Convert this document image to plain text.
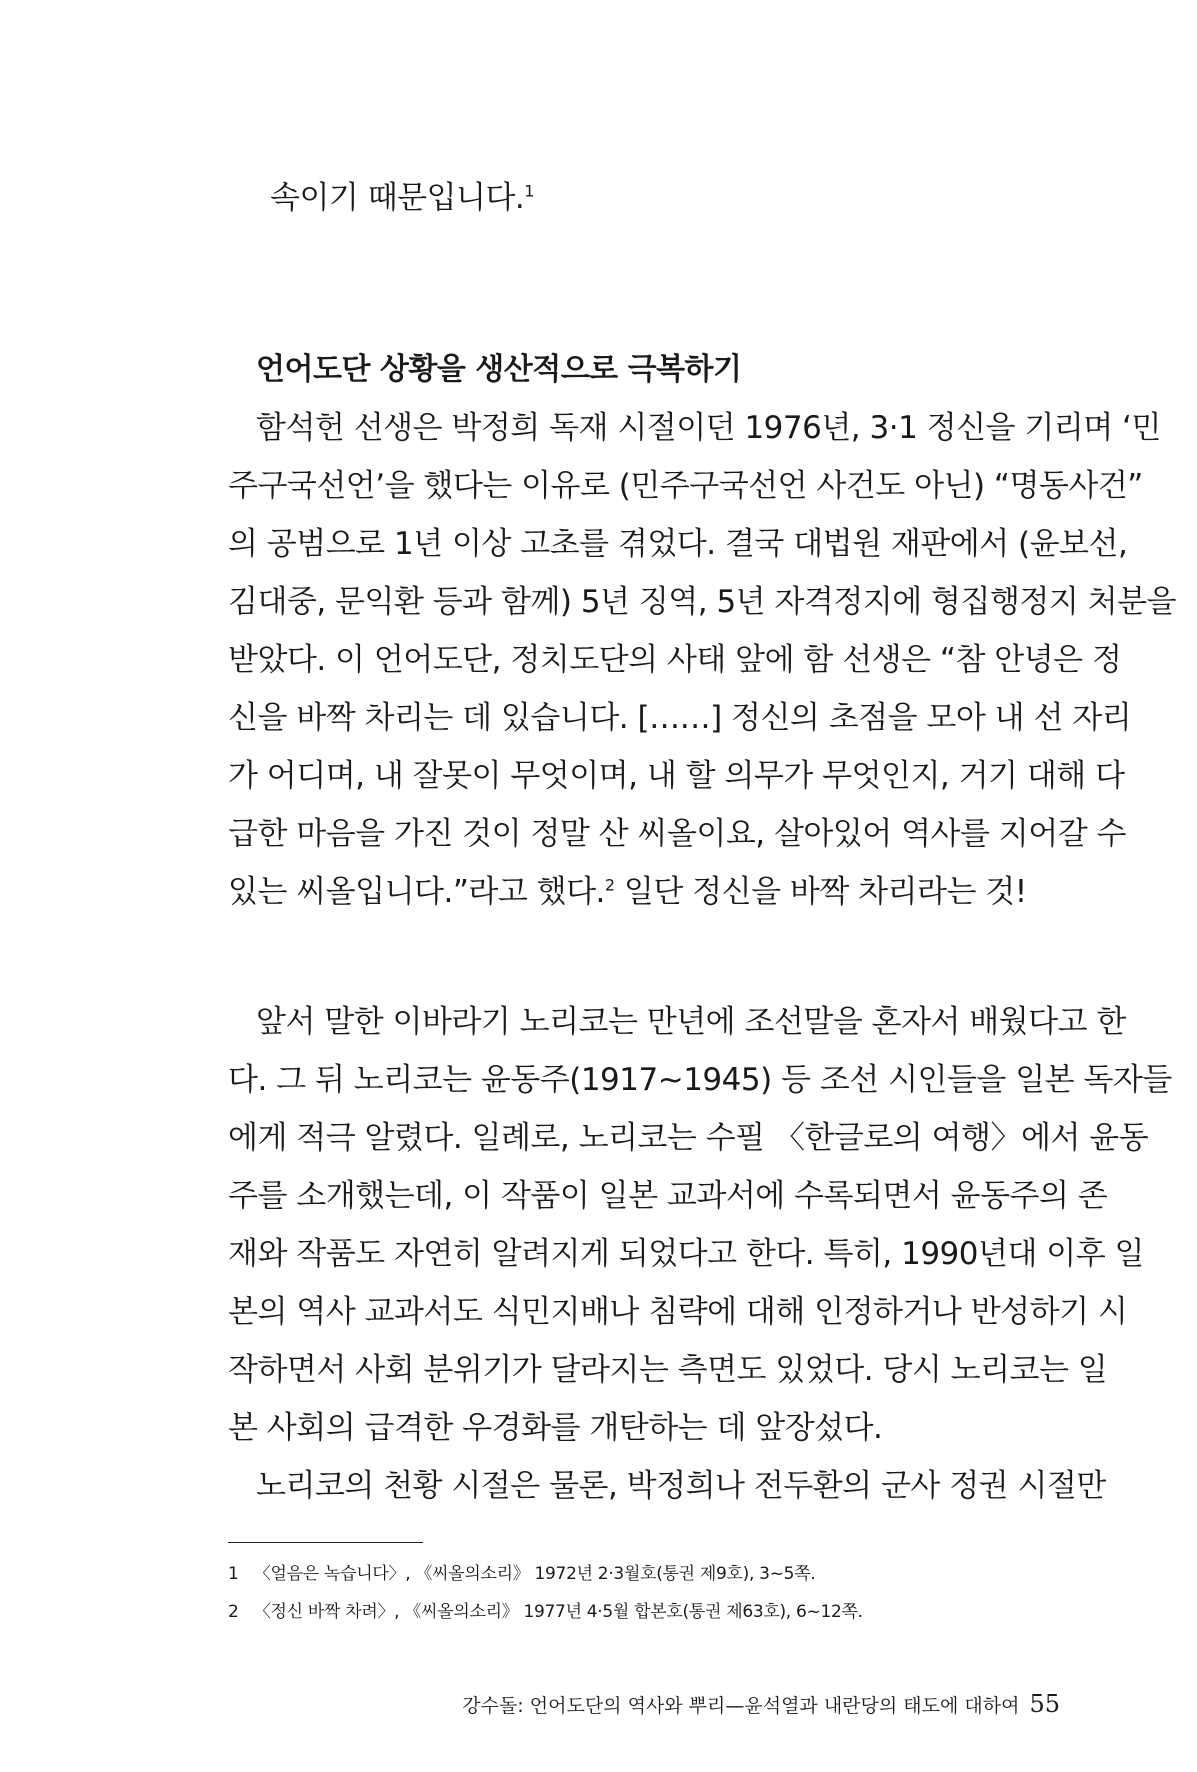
속이기 때문입니다.$^1$
언어도단 상황을 생산적으로 극복하기
함석헌 선생은 박정희 독재 시절이던 1976년, 3·1 정신을 기리며 ‘민
주구국선언’을 했다는 이유로 (민주구국선언 사건도 아닌) “명동사건”
의 공범으로 1년 이상 고초를 겪었다. 결국 대법원 재판에서 (윤보선,
김대중, 문익환 등과 함께) 5년 징역, 5년 자격정지에 형집행정지 처분을
받았다. 이 언어도단, 정치도단의 사태 앞에 함 선생은 “참 안녕은 정
신을 바짝 차리는 데 있습니다. [……] 정신의 초점을 모아 내 선 자리
가 어디며, 내 잘못이 무엇이며, 내 할 의무가 무엇인지, 거기 대해 다
급한 마음을 가진 것이 정말 산 씨올이요, 살아있어 역사를 지어갈 수
있는 씨올입니다.”라고 했다.$^2$ 일단 정신을 바짝 차리라는 것!
앞서 말한 이바라기 노리코는 만년에 조선말을 혼자서 배웠다고 한
다. 그 뒤 노리코는 윤동주(1917~1945) 등 조선 시인들을 일본 독자들
에게 적극 알렸다. 일례로, 노리코는 수필 〈한글로의 여행〉에서 윤동
주를 소개했는데, 이 작품이 일본 교과서에 수록되면서 윤동주의 존
재와 작품도 자연히 알려지게 되었다고 한다. 특히, 1990년대 이후 일
본의 역사 교과서도 식민지배나 침략에 대해 인정하거나 반성하기 시
작하면서 사회 분위기가 달라지는 측면도 있었다. 당시 노리코는 일
본 사회의 급격한 우경화를 개탄하는 데 앞장섰다.
노리코의 천황 시절은 물론, 박정희나 전두환의 군사 정권 시절만
1 〈얼음은 녹습니다〉, 《씨올의소리》 1972년 2·3월호(통권 제9호), 3~5쪽.
2 〈정신 바짝 차려〉, 《씨올의소리》 1977년 4·5월 합본호(통권 제63호), 6~12쪽.
강수돌: 언어도단의 역사와 뿌리—윤석열과 내란당의 태도에 대하여 55
